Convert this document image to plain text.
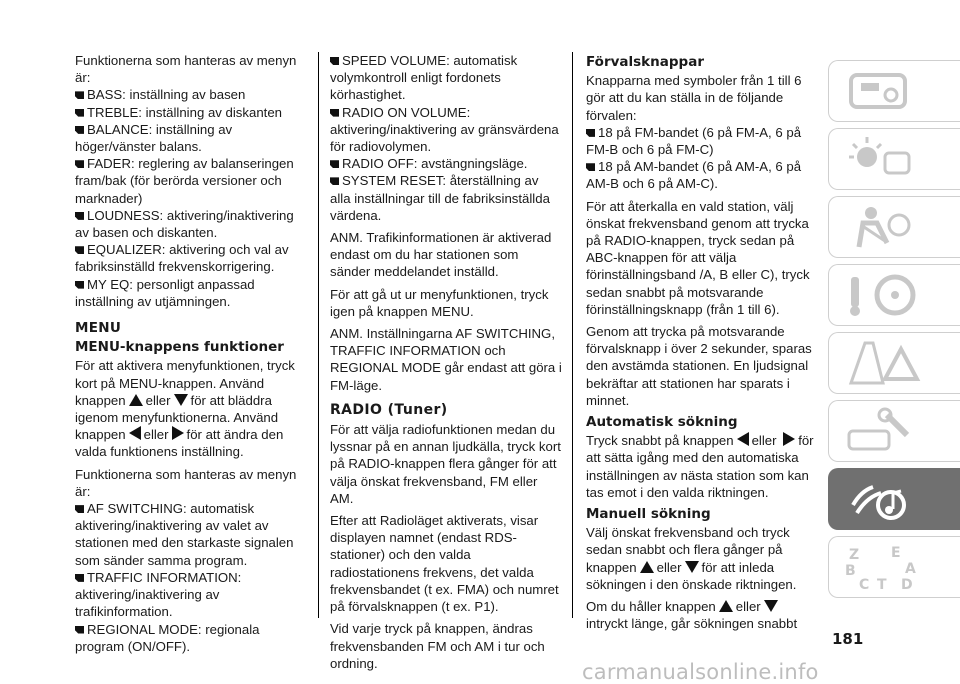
Funktionerna som hanteras av menyn är:

BASS: inställning av basen

TREBLE: inställning av diskanten

BALANCE: inställning av höger/vänster balans.

FADER: reglering av balanseringen fram/bak (för berörda versioner och marknader)

LOUDNESS: aktivering/inaktivering av basen och diskanten.

EQUALIZER: aktivering och val av fabriksinställd frekvenskorrigering.

MY EQ: personligt anpassad inställning av utjämningen.

MENU
MENU-knappens funktioner

För att aktivera menyfunktionen, tryck kort på MENU-knappen. Använd knappen eller för att bläddra igenom menyfunktionerna. Använd knappen eller för att ändra den valda funktionens inställning.

Funktionerna som hanteras av menyn är:

AF SWITCHING: automatisk aktivering/inaktivering av valet av stationen med den starkaste signalen som sänder samma program.

TRAFFIC INFORMATION: aktivering/inaktivering av trafikinformation.

REGIONAL MODE: regionala program (ON/OFF).

SPEED VOLUME: automatisk volymkontroll enligt fordonets körhastighet.

RADIO ON VOLUME: aktivering/inaktivering av gränsvärdena för radiovolymen.

RADIO OFF: avstängningsläge.

SYSTEM RESET: återställning av alla inställningar till de fabriksinställda värdena.

ANM. Trafikinformationen är aktiverad endast om du har stationen som sänder meddelandet inställd.

För att gå ut ur menyfunktionen, tryck igen på knappen MENU.

ANM. Inställningarna AF SWITCHING, TRAFFIC INFORMATION och REGIONAL MODE går endast att göra i FM-läge.

RADIO (Tuner)

För att välja radiofunktionen medan du lyssnar på en annan ljudkälla, tryck kort på RADIO-knappen flera gånger för att välja önskat frekvensband, FM eller AM.

Efter att Radioläget aktiverats, visar displayen namnet (endast RDS-stationer) och den valda radiostationens frekvens, det valda frekvensbandet (t ex. FMA) och numret på förvalsknappen (t ex. P1).

Vid varje tryck på knappen, ändras frekvensbanden FM och AM i tur och ordning.

Förvalsknappar

Knapparna med symboler från 1 till 6 gör att du kan ställa in de följande förvalen:

18 på FM-bandet (6 på FM-A, 6 på FM-B och 6 på FM-C)

18 på AM-bandet (6 på AM-A, 6 på AM-B och 6 på AM-C).

För att återkalla en vald station, välj önskat frekvensband genom att trycka på RADIO-knappen, tryck sedan på ABC-knappen för att välja förinställningsband /A, B eller C), tryck sedan snabbt på motsvarande förinställningsknapp (från 1 till 6).

Genom att trycka på motsvarande förvalsknapp i över 2 sekunder, sparas den avstämda stationen. En ljudsignal bekräftar att stationen har sparats i minnet.

Automatisk sökning

Tryck snabbt på knappen eller för att sätta igång med den automatiska inställningen av nästa station som kan tas emot i den valda riktningen.

Manuell sökning

Välj önskat frekvensband och tryck sedan snabbt och flera gånger på knappen eller för att inleda sökningen i den önskade riktningen.

Om du håller knappen ellerintryckt länge, går sökningen snabbt

Z E
B	A
C T D
181
carmanualsonline.info
